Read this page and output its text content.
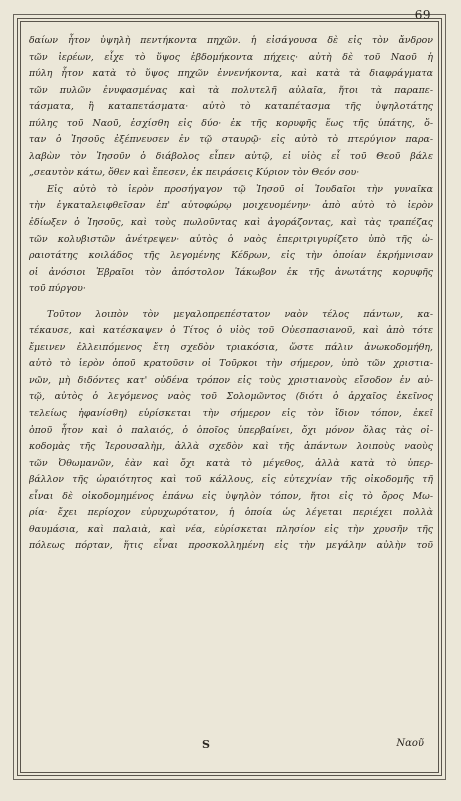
69
δαίων ἦτον ὑψηλὴ πεντήκοντα πηχῶν. ἡ εἰσάγουσα δὲ εἰς τὸν ἄνδρον
τῶν ἱερέων, εἶχε τὸ ὕψος ἑβδομήκοντα πήχεις· αὐτὴ δὲ τοῦ Ναοῦ ἡ
πύλη ἦτον κατὰ τὸ ὕψος πηχῶν ἐννενήκοντα, καὶ κατὰ τὰ διαφράγματα
τῶν πυλῶν ἐνυφασμένας καὶ τὰ πολυτελῆ αὐλαῖα, ἤτοι τὰ παραπε-
τάσματα, ἢ καταπετάσματα· αὐτὸ τὸ καταπέτασμα τῆς ὑψηλοτάτης
πύλης τοῦ Ναοῦ, ἐσχίσθη εἰς δύο· ἐκ τῆς κορυφῆς ἕως τῆς ὑπάτης, ὅ-
ταν ὁ Ἰησοῦς ἐξέπνευσεν ἐν τῷ σταυρῷ· εἰς αὐτὸ τὸ πτερύγιον παρα-
λαβὼν τὸν Ἰησοῦν ὁ διάβολος εἶπεν αὐτῷ, εἰ υἱὸς εἶ τοῦ Θεοῦ βάλε
„σεαυτὸν κάτω, ὅθεν καὶ ἔπεσεν, ἐκ πειράσεις Κύριον τὸν Θεόν σου·
Εἰς αὐτὸ τὸ ἱερὸν προσήγαγον τῷ Ἰησοῦ οἱ Ἰουδαῖοι τὴν γυναῖκα
τὴν ἐγκαταλειφθεῖσαν ἐπ' αὐτοφώρῳ μοιχευομένην· ἀπὸ αὐτὸ τὸ ἱερὸν
ἐδίωξεν ὁ Ἰησοῦς, καὶ τοὺς πωλοῦντας καὶ ἀγοράζοντας, καὶ τὰς τραπέζας
τῶν κολυβιστῶν ἀνέτρεψεν· αὐτὸς ὁ ναὸς ἐπεριτριγυρίζετο ὑπὸ τῆς ὡ-
ραιοτάτης κοιλάδος τῆς λεγομένης Κέδρων, εἰς τὴν ὁποίαν ἐκρήμνισαν
οἱ ἀνόσιοι Ἑβραῖοι τὸν ἀπόστολον Ἰάκωβον ἐκ τῆς ἀνωτάτης κορυφῆς
τοῦ πύργου·
Τοῦτον λοιπὸν τὸν μεγαλοπρεπέστατον ναὸν τέλος πάντων, κα-
τέκαυσε, καὶ κατέσκαψεν ὁ Τίτος ὁ υἱὸς τοῦ Οὐεσπασιανοῦ, καὶ ἀπὸ τότε
ἔμεινεν ἐλλειπόμενος ἔτη σχεδὸν τριακόσια, ὥστε πάλιν ἀνωκοδομήθη,
αὐτὸ τὸ ἱερὸν ὁποῦ κρατοῦσιν οἱ Τοῦρκοι τὴν σήμερον, ὑπὸ τῶν χριστια-
νῶν, μὴ διδόντες κατ' οὐδένα τρόπον εἰς τοὺς χριστιανοὺς εἴσοδον ἐν αὐ-
τῷ, αὐτὸς ὁ λεγόμενος ναὸς τοῦ Σολομῶντος (διότι ὁ ἀρχαῖος ἐκεῖνος
τελείως ἠφανίσθη) εὑρίσκεται τὴν σήμερον εἰς τὸν ἴδιον τόπον, ἐκεῖ
ὁποῦ ἦτον καὶ ὁ παλαιός, ὁ ὁποῖος ὑπερβαίνει, ὄχι μόνον ὅλας τὰς οἰ-
κοδομὰς τῆς Ἱερουσαλὴμ, ἀλλὰ σχεδὸν καὶ τῆς ἁπάντων λοιποὺς ναοὺς
τῶν Ὀθωμανῶν, ἐὰν καὶ ὄχι κατὰ τὸ μέγεθος, ἀλλὰ κατὰ τὸ ὑπερ-
βάλλον τῆς ὡραιότητος καὶ τοῦ κάλλους, εἰς εὐτεχνίαν τῆς οἰκοδομῆς τῆ
εἶναι δὲ οἰκοδομημένος ἐπάνω εἰς ὑψηλὸν τόπον, ἤτοι εἰς τὸ ὄρος Μω-
ρία· ἔχει περίοχον εὐρυχωρότατον, ἡ ὁποία ὡς λέγεται περιέχει πολλὰ
θαυμάσια, καὶ παλαιὰ, καὶ νέα, εὑρίσκεται πλησίον εἰς τὴν χρυσῆν τῆς
πόλεως πόρταν, ἥτις εἶναι προσκολλημένη εἰς τὴν μεγάλην αὐλὴν τοῦ
S	Ναοῦ
